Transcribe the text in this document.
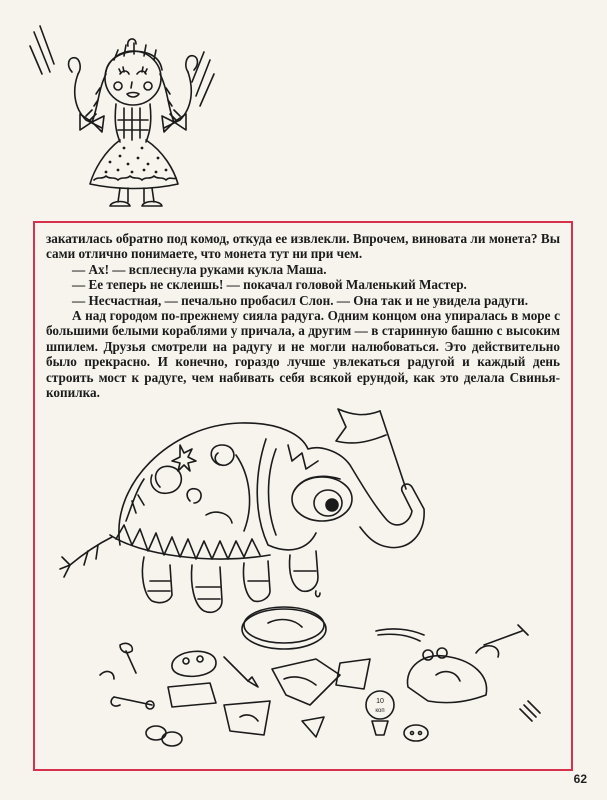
закатилась обратно под комод, откуда ее извлекли. Впрочем, виновата ли монета? Вы сами отлично понимаете, что монета тут ни при чем.

— Ах! — всплеснула руками кукла Маша.

— Ее теперь не склеишь! — покачал головой Маленький Мастер.

— Несчастная, — печально пробасил Слон. — Она так и не увидела радуги.

А над городом по-прежнему сияла радуга. Одним концом она упиралась в море с большими белыми кораблями у причала, а другим — в старинную башню с высоким шпилем. Друзья смотрели на радугу и не могли налюбоваться. Это действительно было прекрасно. И конечно, гораздо лучше увлекаться радугой и каждый день строить мост к радуге, чем набивать себя всякой ерундой, как это делала Свинья-копилка.

10
коп
62
